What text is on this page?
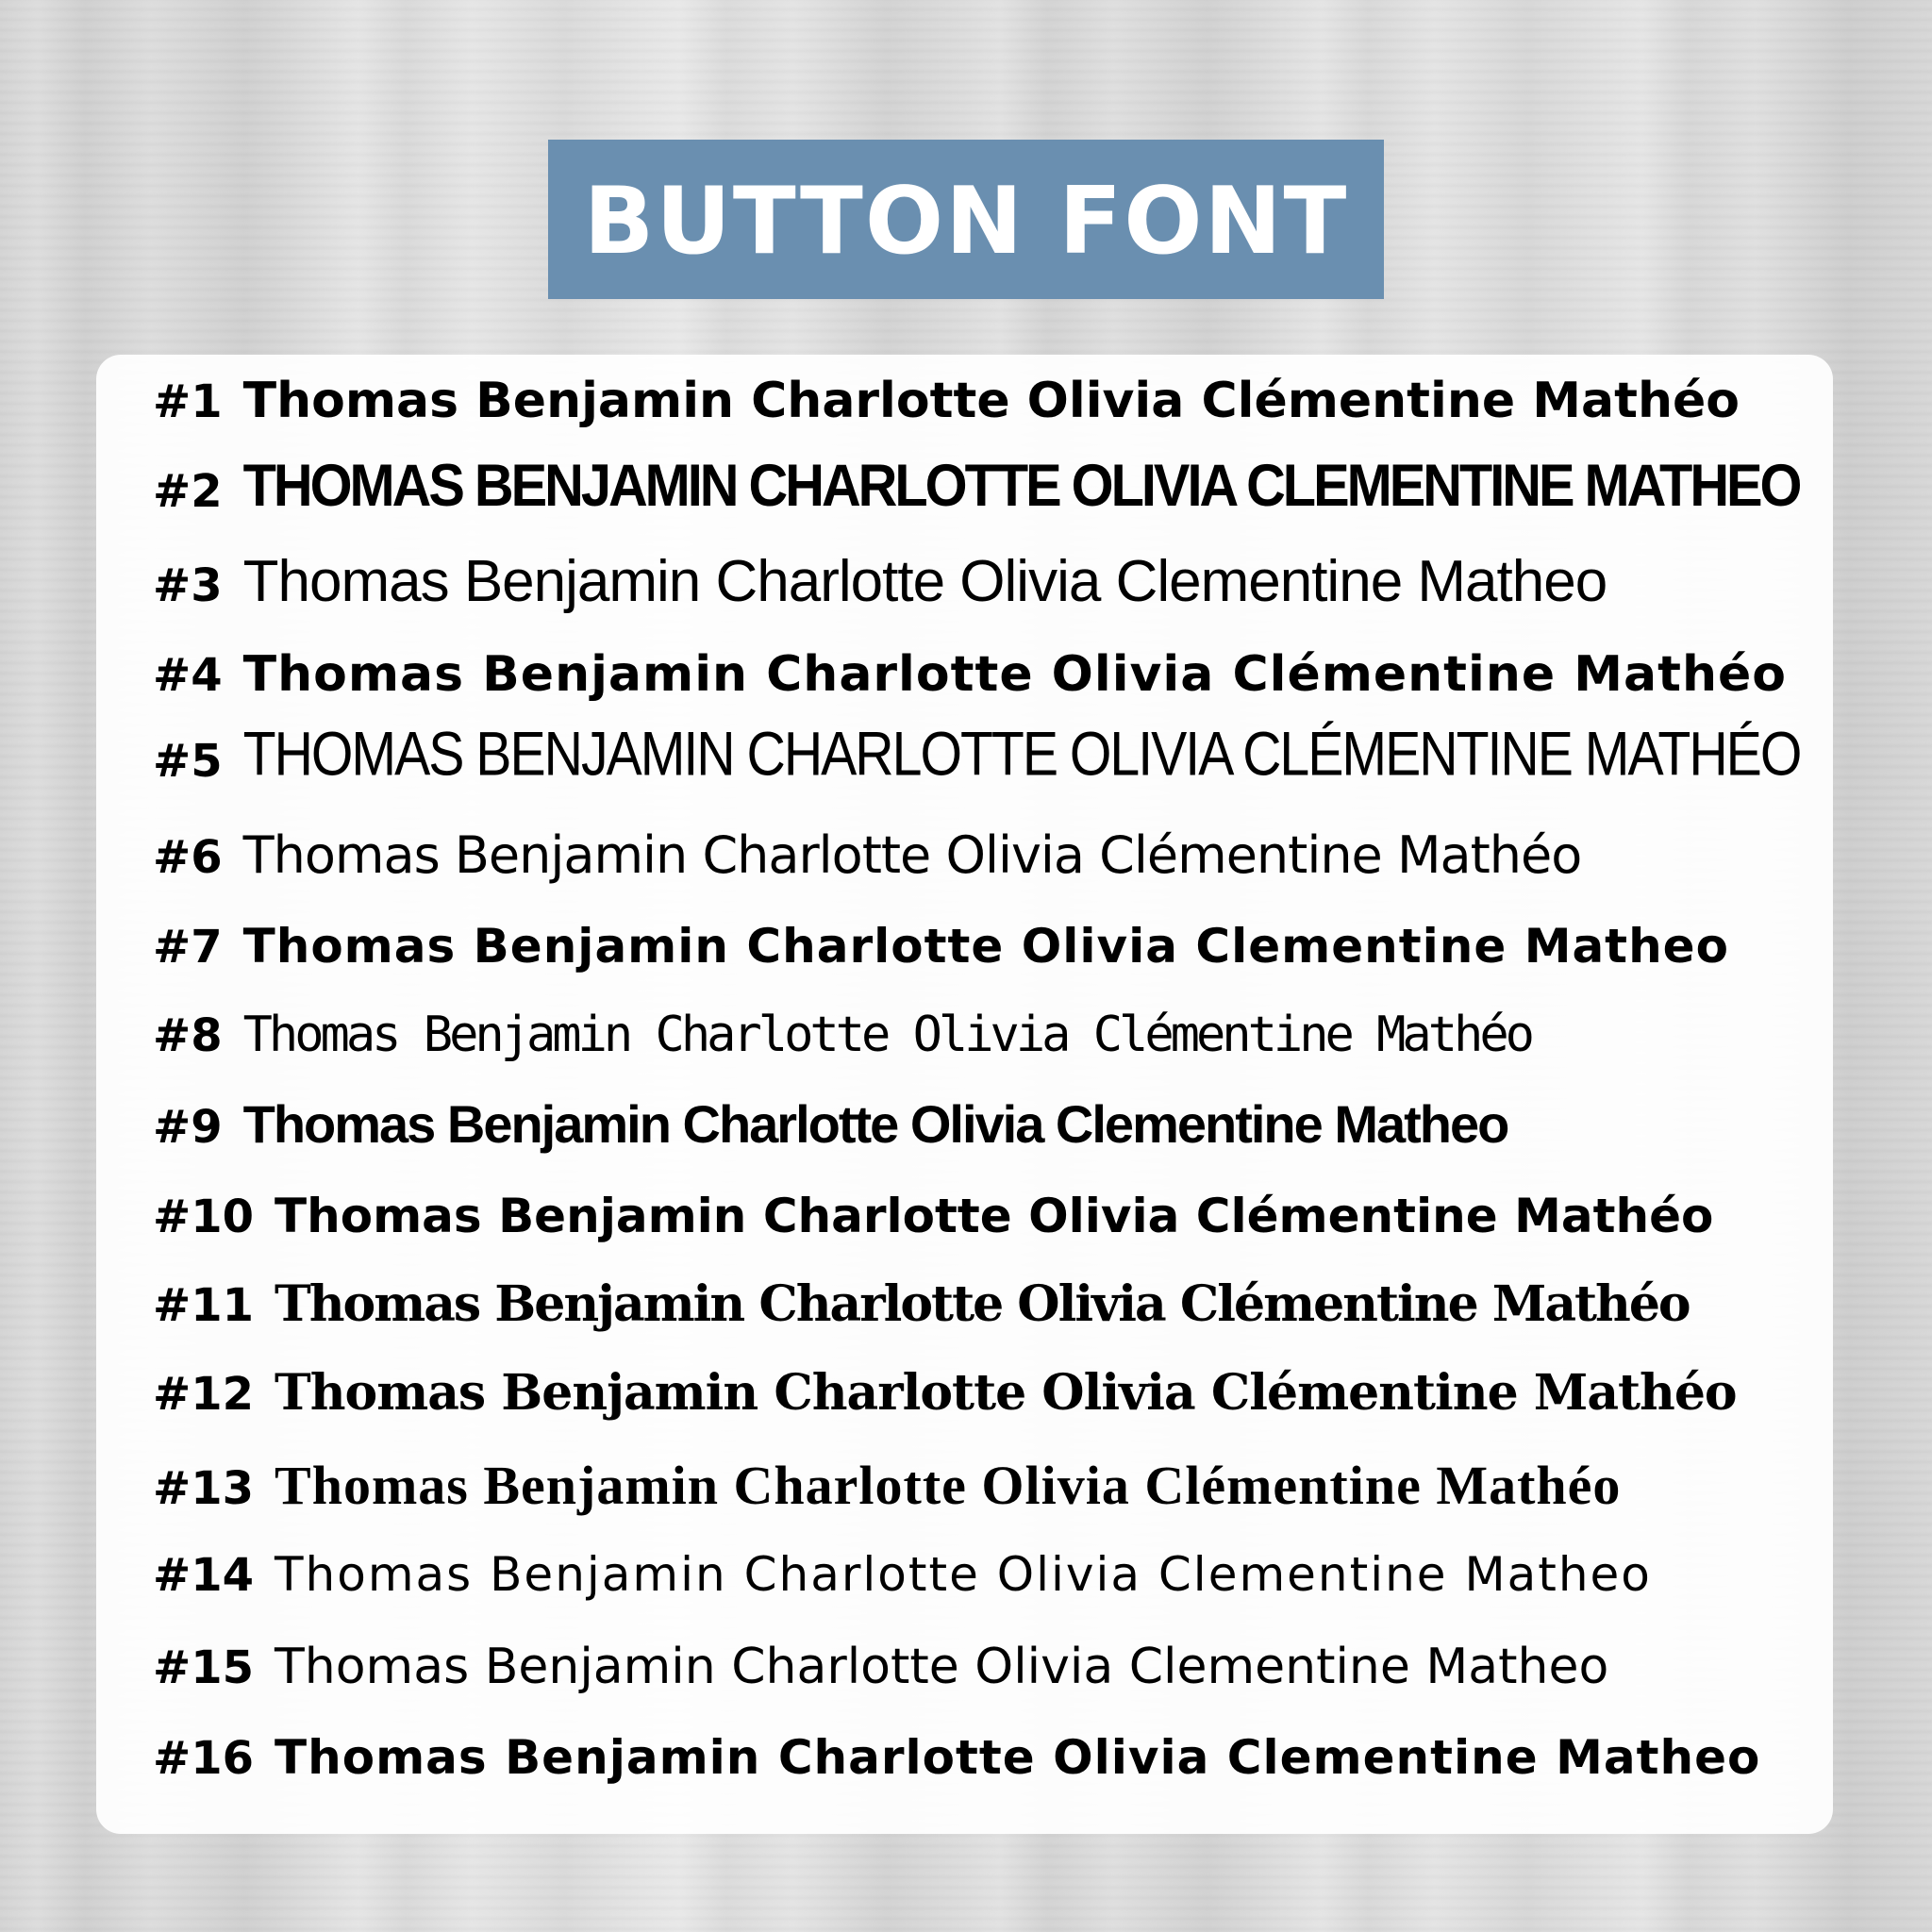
BUTTON FONT
#1 Thomas Benjamin Charlotte Olivia Clémentine Mathéo
#2 THOMAS BENJAMIN CHARLOTTE OLIVIA CLEMENTINE MATHEO
#3 Thomas Benjamin Charlotte Olivia Clementine Matheo
#4 Thomas Benjamin Charlotte Olivia Clémentine Mathéo
#5 THOMAS BENJAMIN CHARLOTTE OLIVIA CLÉMENTINE MATHÉO
#6 Thomas Benjamin Charlotte Olivia Clémentine Mathéo
#7 Thomas Benjamin Charlotte Olivia Clementine Matheo
#8 Thomas Benjamin Charlotte Olivia Clémentine Mathéo
#9 Thomas Benjamin Charlotte Olivia Clementine Matheo
#10 Thomas Benjamin Charlotte Olivia Clémentine Mathéo
#11 Thomas Benjamin Charlotte Olivia Clémentine Mathéo
#12 Thomas Benjamin Charlotte Olivia Clémentine Mathéo
#13 Thomas Benjamin Charlotte Olivia Clémentine Mathéo
#14 Thomas Benjamin Charlotte Olivia Clementine Matheo
#15 Thomas Benjamin Charlotte Olivia Clementine Matheo
#16 Thomas Benjamin Charlotte Olivia Clementine Matheo
